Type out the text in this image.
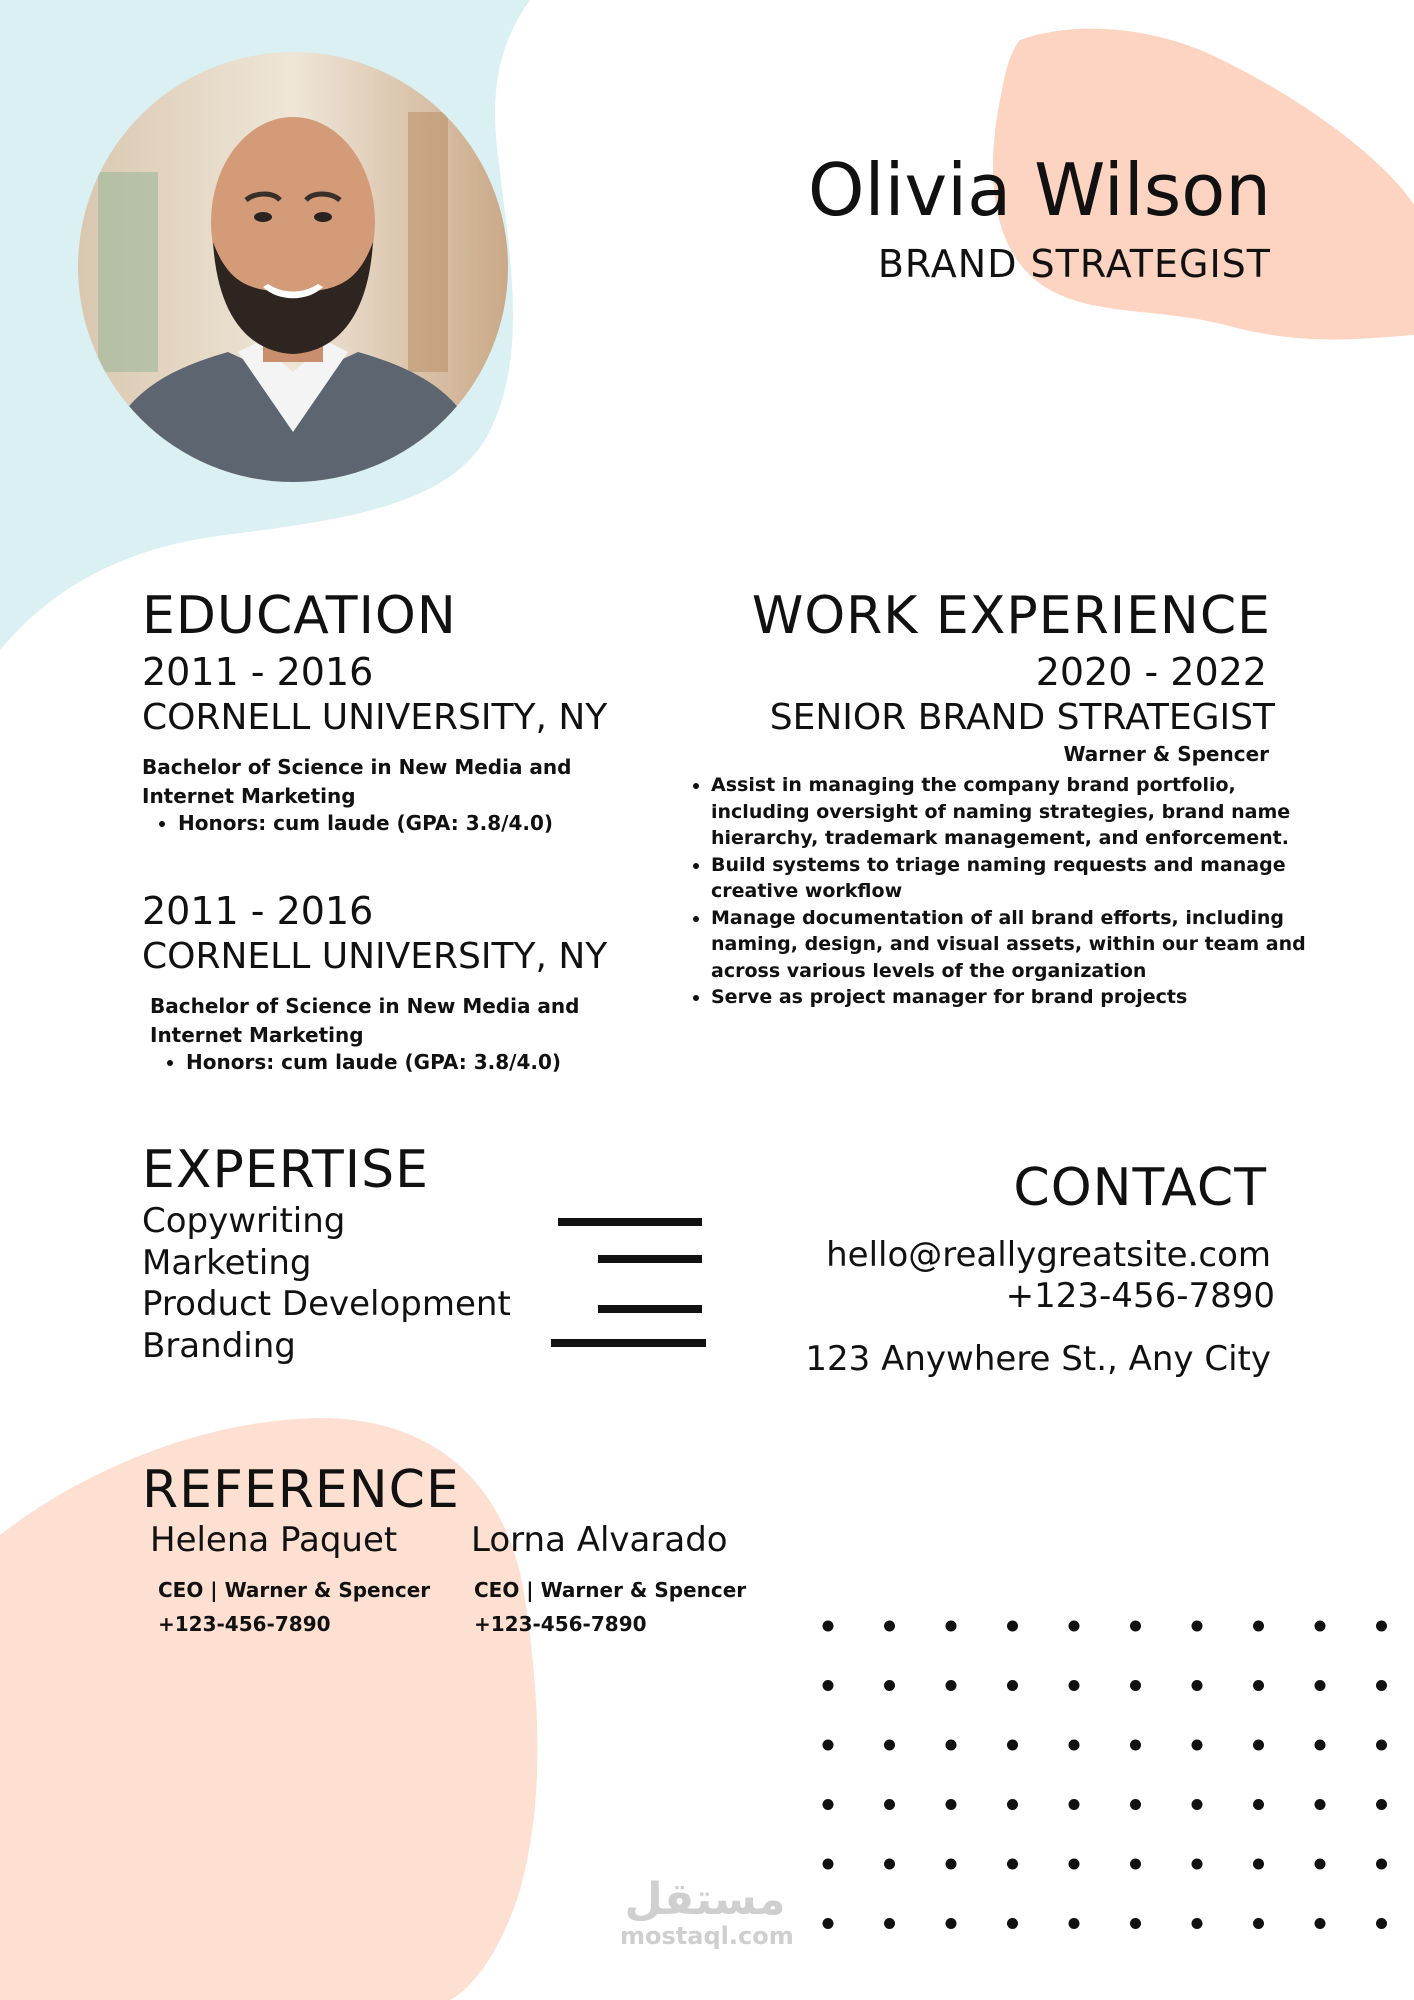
Olivia Wilson
BRAND STRATEGIST
EDUCATION
2011 - 2016
CORNELL UNIVERSITY, NY
Bachelor of Science in New Media and Internet Marketing
• Honors: cum laude (GPA: 3.8/4.0)
2011 - 2016
CORNELL UNIVERSITY, NY
Bachelor of Science in New Media and Internet Marketing
• Honors: cum laude (GPA: 3.8/4.0)
WORK EXPERIENCE
2020 - 2022
SENIOR BRAND STRATEGIST
Warner & Spencer
• Assist in managing the company brand portfolio, including oversight of naming strategies, brand name hierarchy, trademark management, and enforcement.
• Build systems to triage naming requests and manage creative workflow
• Manage documentation of all brand efforts, including naming, design, and visual assets, within our team and across various levels of the organization
• Serve as project manager for brand projects
EXPERTISE
Copywriting
Marketing
Product Development
Branding
CONTACT
hello@reallygreatsite.com
+123-456-7890
123 Anywhere St., Any City
REFERENCE
Helena Paquet
CEO | Warner & Spencer
+123-456-7890
Lorna Alvarado
CEO | Warner & Spencer
+123-456-7890
مستقل
mostaql.com
